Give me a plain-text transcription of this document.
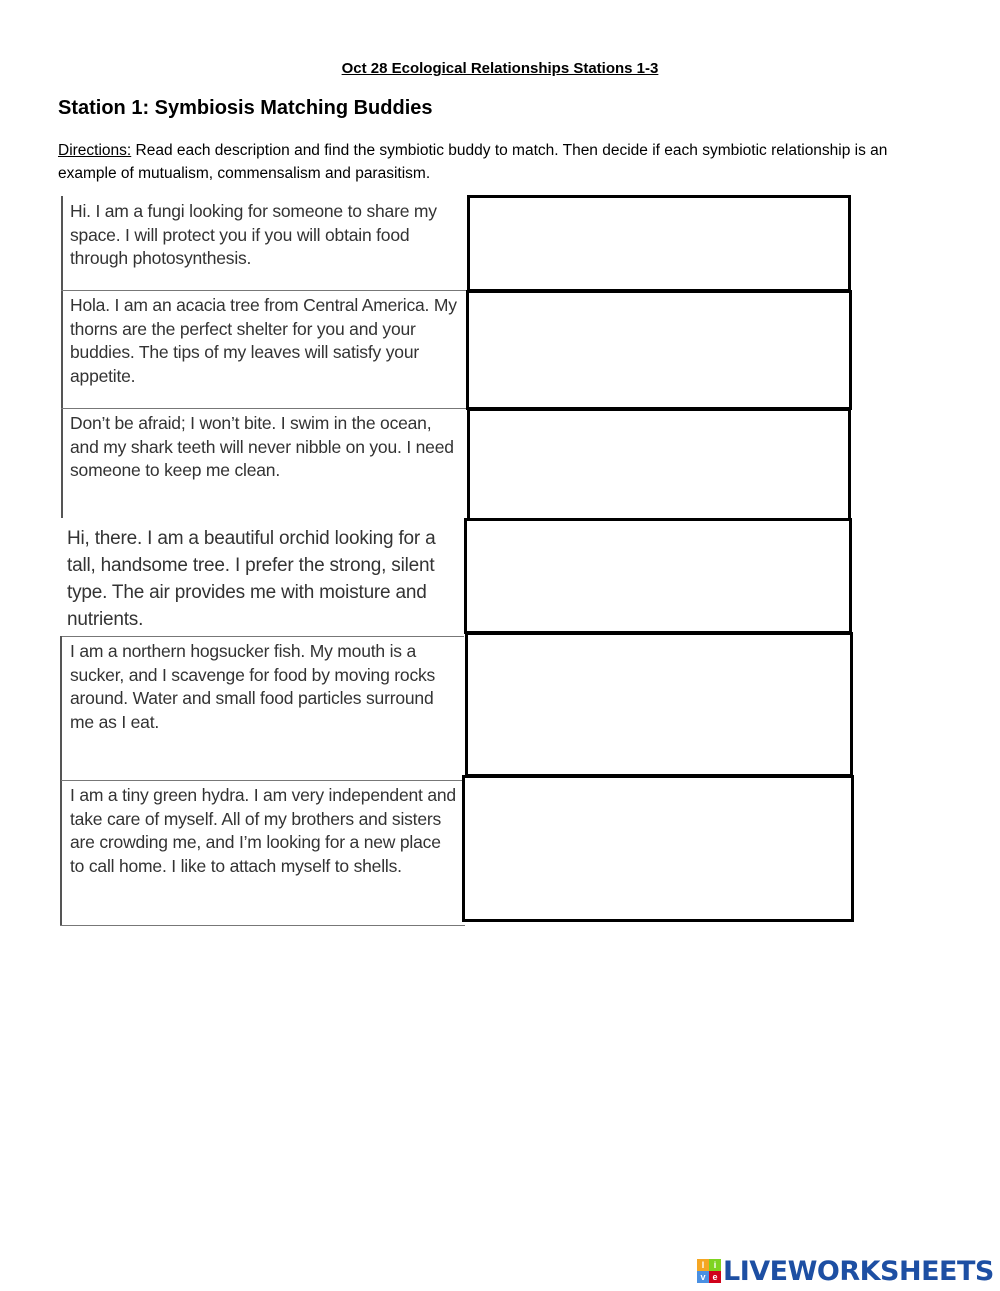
Oct 28 Ecological Relationships Stations 1-3
Station 1: Symbiosis Matching Buddies
Directions: Read each description and find the symbiotic buddy to match. Then decide if each symbiotic relationship is an example of mutualism, commensalism and parasitism.
Hi. I am a fungi looking for someone to share my space. I will protect you if you will obtain food through photosynthesis.
Hola. I am an acacia tree from Central America. My thorns are the perfect shelter for you and your buddies. The tips of my leaves will satisfy your appetite.
Don’t be afraid; I won’t bite. I swim in the ocean, and my shark teeth will never nibble on you. I need someone to keep me clean.
Hi, there. I am a beautiful orchid looking for a tall, handsome tree. I prefer the strong, silent type. The air provides me with moisture and nutrients.
I am a northern hogsucker fish. My mouth is a sucker, and I scavenge for food by moving rocks around. Water and small food particles surround me as I eat.
I am a tiny green hydra. I am very independent and take care of myself. All of my brothers and sisters are crowding me, and I’m looking for a new place to call home. I like to attach myself to shells.
l	i
v e LIVEWORKSHEETS
